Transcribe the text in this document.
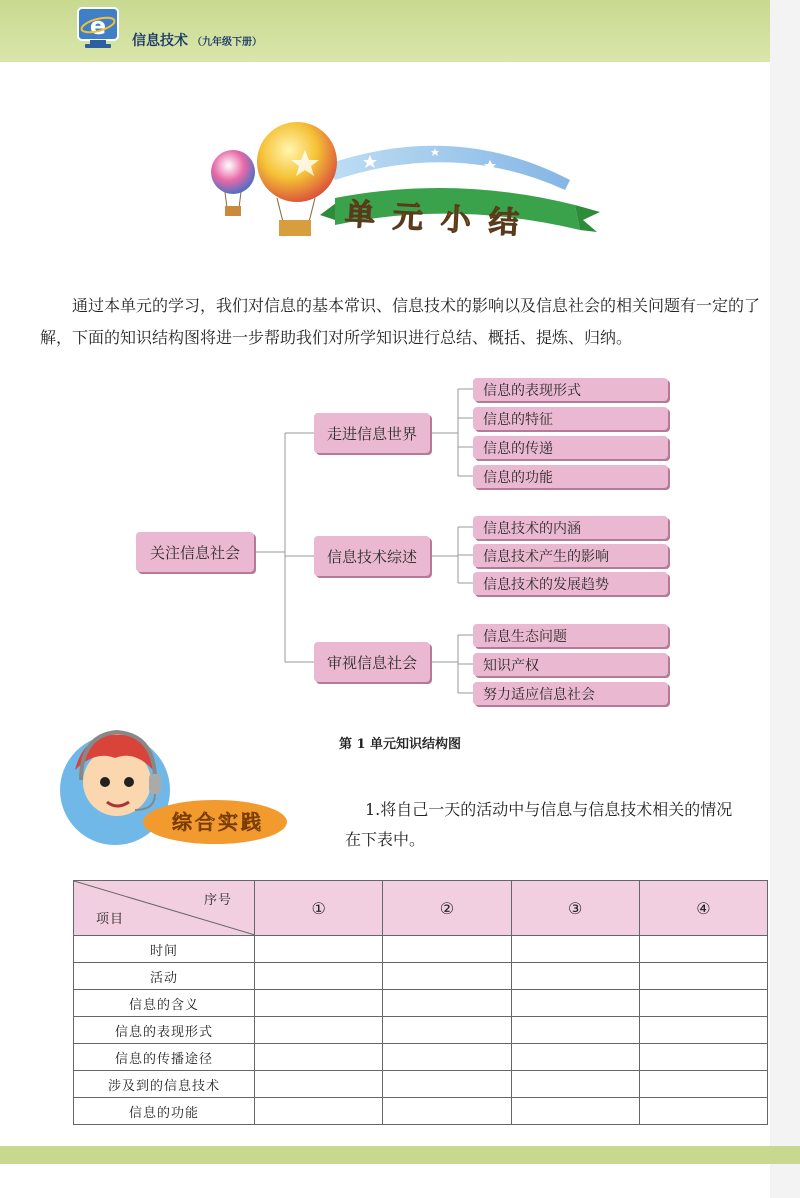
e
信息技术 （九年级下册）
单元小结
通过本单元的学习，我们对信息的基本常识、信息技术的影响以及信息社会的相关问题有一定的了解，下面的知识结构图将进一步帮助我们对所学知识进行总结、概括、提炼、归纳。
关注信息社会
走进信息世界
信息技术综述
审视信息社会
信息的表现形式
信息的特征
信息的传递
信息的功能
信息技术的内涵
信息技术产生的影响
信息技术的发展趋势
信息生态问题
知识产权
努力适应信息社会
第 1 单元知识结构图
综合实践
1.将自己一天的活动中与信息与信息技术相关的情况
在下表中。
序号
项目	①	②	③	④
时间				
活动				
信息的含义				
信息的表现形式				
信息的传播途径				
涉及到的信息技术				
信息的功能				
